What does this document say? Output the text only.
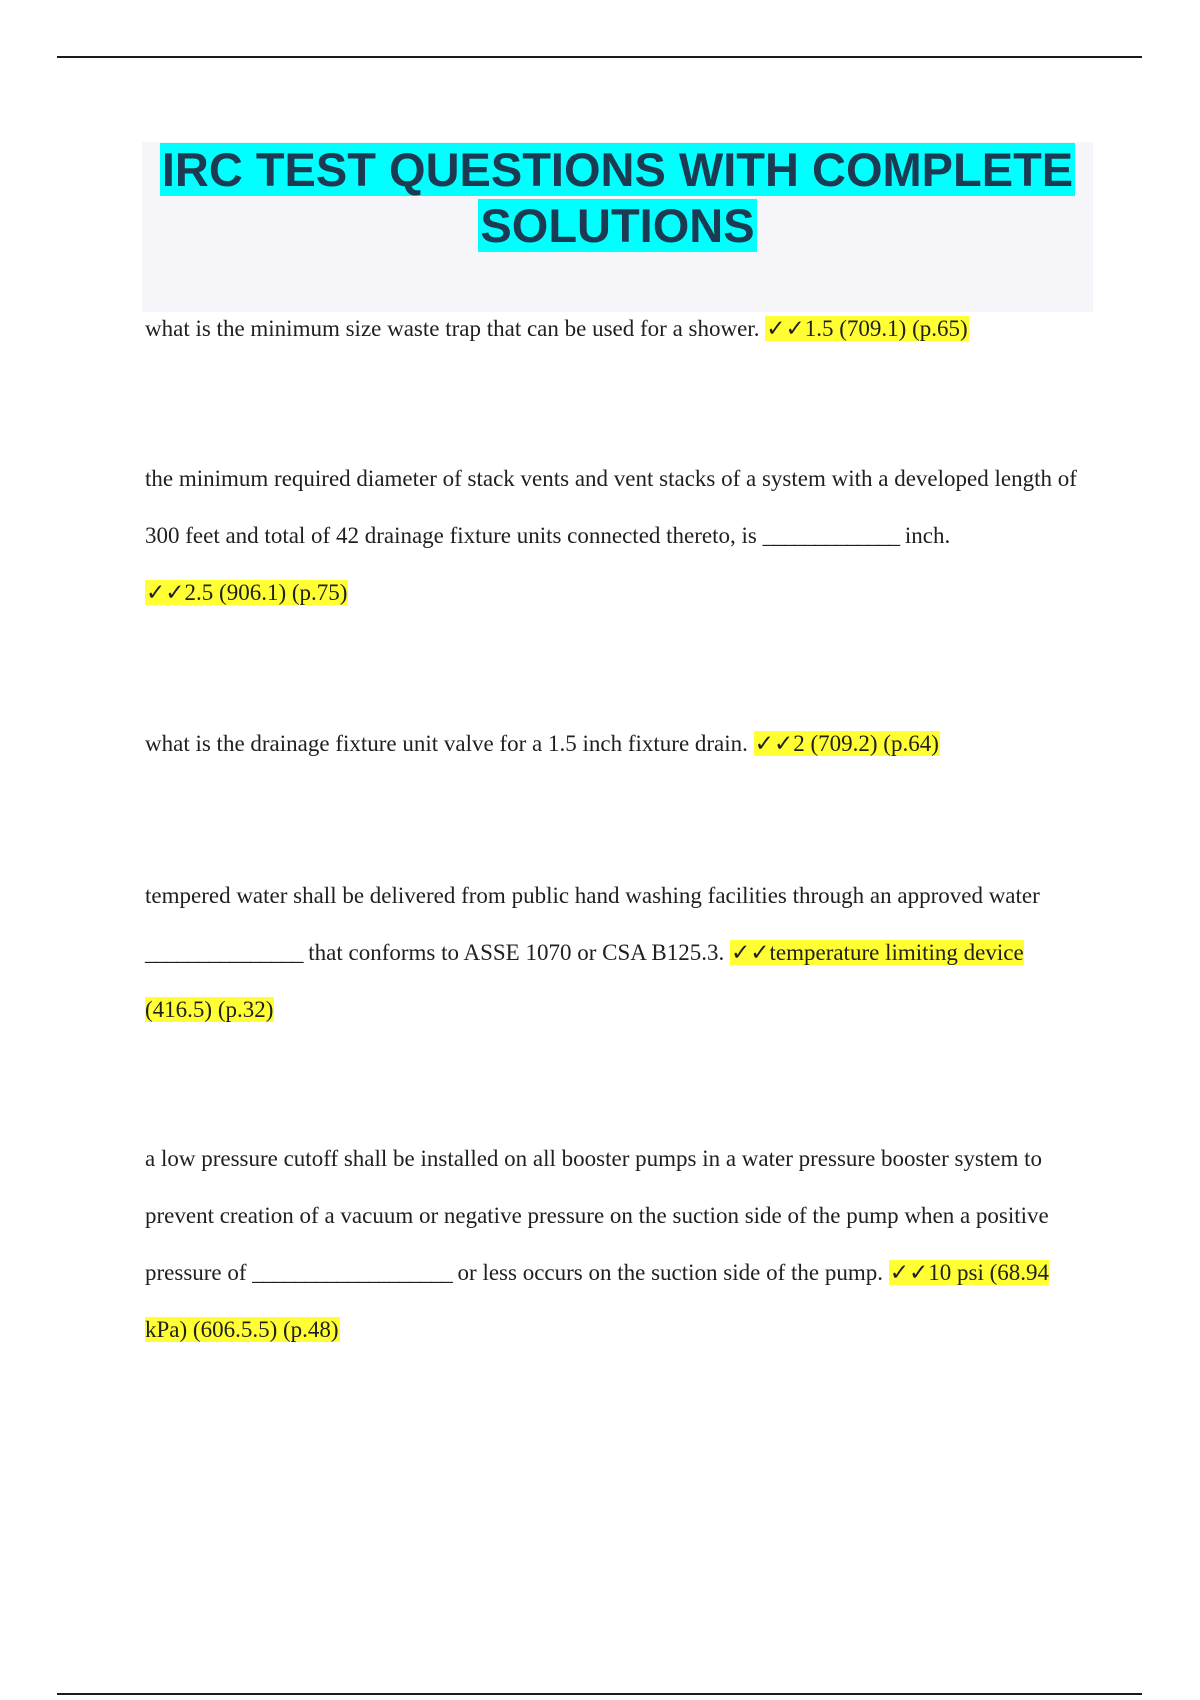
IRC TEST QUESTIONS WITH COMPLETE
SOLUTIONS

what is the minimum size waste trap that can be used for a shower. ✓✓1.5 (709.1) (p.65)

the minimum required diameter of stack vents and vent stacks of a system with a developed length of 300 feet and total of 42 drainage fixture units connected thereto, is _____________ inch.
✓✓2.5 (906.1) (p.75)

what is the drainage fixture unit valve for a 1.5 inch fixture drain. ✓✓2 (709.2) (p.64)

tempered water shall be delivered from public hand washing facilities through an approved water _______________ that conforms to ASSE 1070 or CSA B125.3. ✓✓temperature limiting device (416.5) (p.32)

a low pressure cutoff shall be installed on all booster pumps in a water pressure booster system to prevent creation of a vacuum or negative pressure on the suction side of the pump when a positive pressure of ___________________ or less occurs on the suction side of the pump. ✓✓10 psi (68.94 kPa) (606.5.5) (p.48)
